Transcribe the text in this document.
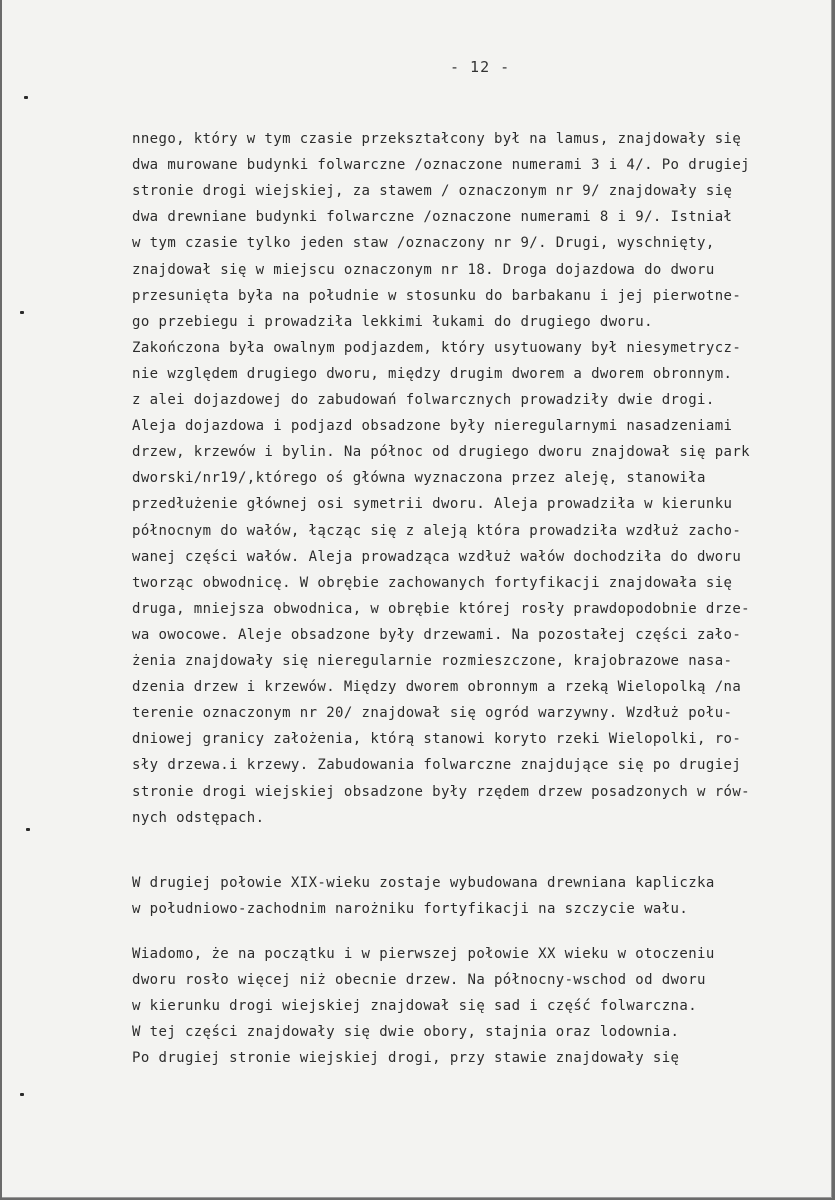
- 12 -
nnego, który w tym czasie przekształcony był na lamus, znajdowały się
dwa murowane budynki folwarczne /oznaczone numerami 3 i 4/. Po drugiej
stronie drogi wiejskiej, za stawem / oznaczonym nr 9/ znajdowały się
dwa drewniane budynki folwarczne /oznaczone numerami 8 i 9/. Istniał
w tym czasie tylko jeden staw /oznaczony nr 9/. Drugi, wyschnięty,
znajdował się w miejscu oznaczonym nr 18. Droga dojazdowa do dworu
przesunięta była na południe w stosunku do barbakanu i jej pierwotne-
go przebiegu i prowadziła lekkimi łukami do drugiego dworu.
Zakończona była owalnym podjazdem, który usytuowany był niesymetrycz-
nie względem drugiego dworu, między drugim dworem a dworem obronnym.
z alei dojazdowej do zabudowań folwarcznych prowadziły dwie drogi.
Aleja dojazdowa i podjazd obsadzone były nieregularnymi nasadzeniami
drzew, krzewów i bylin. Na północ od drugiego dworu znajdował się park
dworski/nr19/,którego oś główna wyznaczona przez aleję, stanowiła
przedłużenie głównej osi symetrii dworu. Aleja prowadziła w kierunku
północnym do wałów, łącząc się z aleją która prowadziła wzdłuż zacho-
wanej części wałów. Aleja prowadząca wzdłuż wałów dochodziła do dworu
tworząc obwodnicę. W obrębie zachowanych fortyfikacji znajdowała się
druga, mniejsza obwodnica, w obrębie której rosły prawdopodobnie drze-
wa owocowe. Aleje obsadzone były drzewami. Na pozostałej części zało-
żenia znajdowały się nieregularnie rozmieszczone, krajobrazowe nasa-
dzenia drzew i krzewów. Między dworem obronnym a rzeką Wielopolką /na
terenie oznaczonym nr 20/ znajdował się ogród warzywny. Wzdłuż połu-
dniowej granicy założenia, którą stanowi koryto rzeki Wielopolki, ro-
sły drzewa.i krzewy. Zabudowania folwarczne znajdujące się po drugiej
stronie drogi wiejskiej obsadzone były rzędem drzew posadzonych w rów-
nych odstępach.
W drugiej połowie XIX-wieku zostaje wybudowana drewniana kapliczka
w południowo-zachodnim narożniku fortyfikacji na szczycie wału.
Wiadomo, że na początku i w pierwszej połowie XX wieku w otoczeniu
dworu rosło więcej niż obecnie drzew. Na północny-wschod od dworu
w kierunku drogi wiejskiej znajdował się sad i część folwarczna.
W tej części znajdowały się dwie obory, stajnia oraz lodownia.
Po drugiej stronie wiejskiej drogi, przy stawie znajdowały się
